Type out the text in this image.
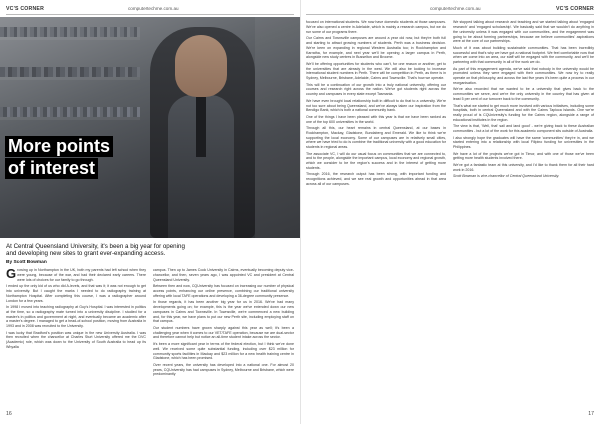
VC'S CORNER	computertechme.com.au
More points
of interest
At Central Queensland University, it's been a big year for opening and developing new sites to grant ever-expanding access.
By Scott Bowman

Growing up in Northampton in the UK, both my parents had left school when they were young, because of the war, and had their declared early careers. There were lots of choices for our family to go through.

I ended up the only kid of us who did A-levels, and that was it; it was not enough to get into university. But I caught the marks I needed to do radiography training at Northampton Hospital. After completing this course, I was a radiographer around London for a few years.

In 1998 I moved into teaching radiography at Guy's Hospital. I was interested in politics at the time, so a radiography mate turned into a university discipline. I studied for a master's in politics and government at night, and eventually became an academic after a master's degree. I managed to get a head-of-school position, moving from Australia in 1993 and in 2008 was recruited to the University.

I was lucky that Bradford's position was unique in the new University Australia. I was then recruited when the chancellor at Charles Sturt University offered me the DVC (Academic) role, which was down to the University of South Australia to head up its Whyalla

campus. Then up to James Cook University in Cairns, eventually becoming deputy vice-chancellor, and then, seven years ago, I was appointed VC and president at Central Queensland University.

Between then and now, CQUniversity has focused on increasing our number of physical access points, enhancing our online presence, combining our traditional university offering with local TAFE operations and developing a 36-degree community presence.

In those regards, it has been another big year for us in 2016. We've had many developments going on; for example, this is the year we've extended down our new campuses in Cairns and Townsville. In Townsville, we're commenced a new building and, for this year, we have plans to put our new Perth site, including employing staff on that campus.

Our student numbers have grown sharply against this year as well; it's been a challenging year when it comes to our VET/TAFE operation, because we are dual-sector and therefore cannot help but notice an all-time student intake across the sector.

It's been a more significant year in terms of the federal election, but I think we've done well. We received some quite substantial funding, including over $23 million for community sports facilities in Mackay and $23 million for a new health training centre in Gladstone, which has been promised.

Over recent years, the university has developed into a national one. For almost 20 years, CQUniversity has had campuses in Sydney, Melbourne and Brisbane, which were predominantly

16
computertechme.com.au	VC'S CORNER

focused on international students. We now have domestic students at those campuses. We've also opened a centre in Adelaide, which is mainly a research campus, but we do run some of our programs there.

Our Cairns and Townsville campuses are around a year old now, but they're both full and starting to attract growing numbers of students. Perth was a business decision. We're keen on expanding in regional Western Australia too; in Rockhampton and Karratha, for example, and next year we'll be opening a larger campus in Perth, alongside new study centres in Busselton and Broome.

We'll be offering opportunities for students who can't, for one reason or another, get to the universities that are already in the west. We will also be looking to increase international student numbers in Perth. There will be competition in Perth, as there is in Sydney, Melbourne, Brisbane, Adelaide, Cairns and Townsville. That's how we operate.

This will be a continuation of our growth into a truly national university, offering our courses and research right across the nation. We've got students right across the country and campuses in every state except Tasmania.

We have even brought local relationship built in difficult to do that to a university. We're not too sure about being Queensland, and we've always taken our inspiration from the Bendigo Bank, which is both a national community bank.

One of the things I have been pleased with this year is that we have been ranked as one of the top 600 universities in the world.

Through all this, our heart remains in central Queensland, at our bases in Rockhampton, Mackay, Gladstone, Bundaberg and Emerald. We like to think we're supporting the local economy. Some of our campuses are in relatively small cities, where we have tried to do is combine the traditional university with a good education for students in regional areas.

The associate VC, I will do our usual focus on communities that we are connected to, and to the people, alongside the important campus, local economy and regional growth, which we consider to be the region's success and in the interest of getting more students.

Through 2016, the research output has been strong, with important funding and recognitions achieved, and we see real growth and opportunities ahead in that area across all of our campuses.

We stopped talking about research and teaching and we started talking about 'engaged research' and 'engaged scholarship'. We basically said that we wouldn't do anything in the university unless it was engaged with our communities, and the engagement was going to be about forming partnerships, because we believe communities' aspirations were at the core of our partnerships.

Much of it was about building sustainable communities. That has been incredibly successful and that's why we have got a national footprint. We feel comfortable now that when we come into an area, our staff will be engaged with the community, and we'll be partnering with that community in all of the work we do.

As part of this engagement agenda, we've said that nobody in the university would be promoted unless they were engaged with their communities. We now try to really operate on that philosophy, and across the last five years it's been quite a process in our reorganisation.

We've also recorded that we wanted to be a university that gives back to the communities we serve, and we're the only university in the country that has given at least 5 per cent of our turnover back to the community.

That's what we started to get much more involved with various initiatives, including some hospitals, both in central Queensland and with the Cairns Tapioca Islands. One we're really proud of is CQUniversity's funding for the Cairns region, alongside a range of educational institutes in the region.

The view is that, 'Well, that' sail and land good' - we're giving back to these Australian communities - but a lot of the work for this academic component sits outside of Australia.

I also strongly hope the graduates will have the same 'communities' they're in, and we started entering into a relationship with local Filipino funding for universities in the Philippines.

We have a lot of the projects we've got in Timor, and with one of those we've been getting more health students involved there.

We've got a fantastic team at this university, and I'd like to thank them for all their hard work in 2016.

Scott Bowman is vice-chancellor of Central Queensland University.

17
